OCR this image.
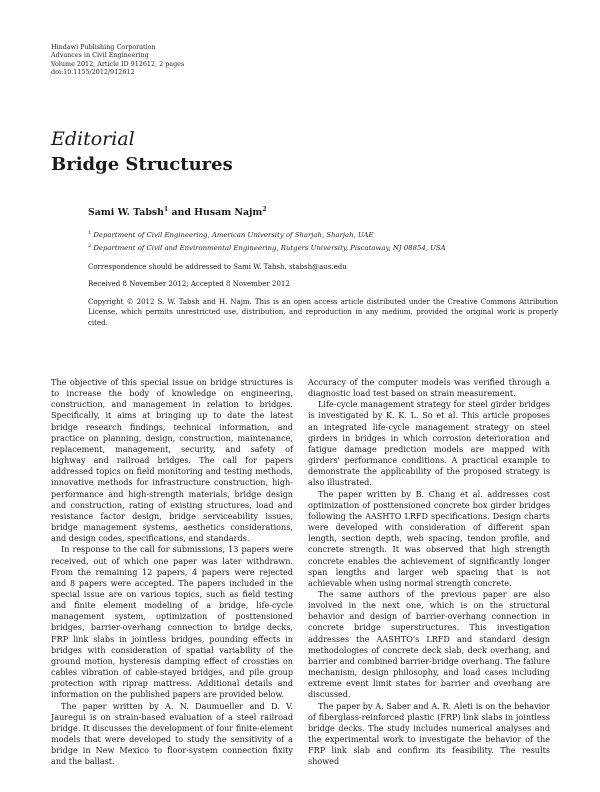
Hindawi Publishing Corporation
Advances in Civil Engineering
Volume 2012, Article ID 912612, 2 pages
doi:10.1155/2012/912612
Editorial
Bridge Structures
Sami W. Tabsh$^1$ and Husam Najm$^2$
$^1$ Department of Civil Engineering, American University of Sharjah, Sharjah, UAE
$^2$ Department of Civil and Environmental Engineering, Rutgers University, Piscataway, NJ 08854, USA
Correspondence should be addressed to Sami W. Tabsh, stabsh@aus.edu
Received 8 November 2012; Accepted 8 November 2012
Copyright © 2012 S. W. Tabsh and H. Najm. This is an open access article distributed under the Creative Commons Attribution License, which permits unrestricted use, distribution, and reproduction in any medium, provided the original work is properly cited.

The objective of this special issue on bridge structures is to increase the body of knowledge on engineering, construction, and management in relation to bridges. Specifically, it aims at bringing up to date the latest bridge research findings, technical information, and practice on planning, design, construction, maintenance, replacement, management, security, and safety of highway and railroad bridges. The call for papers addressed topics on field monitoring and testing methods, innovative methods for infrastructure construction, high-performance and high-strength materials, bridge design and construction, rating of existing structures, load and resistance factor design, bridge serviceability issues, bridge management systems, aesthetics considerations, and design codes, specifications, and standards.

In response to the call for submissions, 13 papers were received, out of which one paper was later withdrawn. From the remaining 12 papers, 4 papers were rejected and 8 papers were accepted. The papers included in the special issue are on various topics, such as field testing and finite element modeling of a bridge, life-cycle management system, optimization of posttensioned bridges, barrier-overhang connection to bridge decks, FRP link slabs in jointless bridges, pounding effects in bridges with consideration of spatial variability of the ground motion, hysteresis damping effect of crossties on cables vibration of cable-stayed bridges, and pile group protection with riprap mattress. Additional details and information on the published papers are provided below.

The paper written by A. N. Daumueller and D. V. Jauregui is on strain-based evaluation of a steel railroad bridge. It discusses the development of four finite-element models that were developed to study the sensitivity of a bridge in New Mexico to floor-system connection fixity and the ballast.

Accuracy of the computer models was verified through a diagnostic load test based on strain measurement.

Life-cycle management strategy for steel girder bridges is investigated by K. K. L. So et al. This article proposes an integrated life-cycle management strategy on steel girders in bridges in which corrosion deterioration and fatigue damage prediction models are mapped with girders' performance conditions. A practical example to demonstrate the applicability of the proposed strategy is also illustrated.

The paper written by B. Chang et al. addresses cost optimization of posttensioned concrete box girder bridges following the AASHTO LRFD specifications. Design charts were developed with consideration of different span length, section depth, web spacing, tendon profile, and concrete strength. It was observed that high strength concrete enables the achievement of significantly longer span lengths and larger web spacing that is not achievable when using normal strength concrete.

The same authors of the previous paper are also involved in the next one, which is on the structural behavior and design of barrier-overhang connection in concrete bridge superstructures. This investigation addresses the AASHTO's LRFD and standard design methodologies of concrete deck slab, deck overhang, and barrier and combined barrier-bridge overhang. The failure mechanism, design philosophy, and load cases including extreme event limit states for barrier and overhang are discussed.

The paper by A. Saber and A. R. Aleti is on the behavior of fiberglass-reinforced plastic (FRP) link slabs in jointless bridge decks. The study includes numerical analyses and the experimental work to investigate the behavior of the FRP link slab and confirm its feasibility. The results showed
